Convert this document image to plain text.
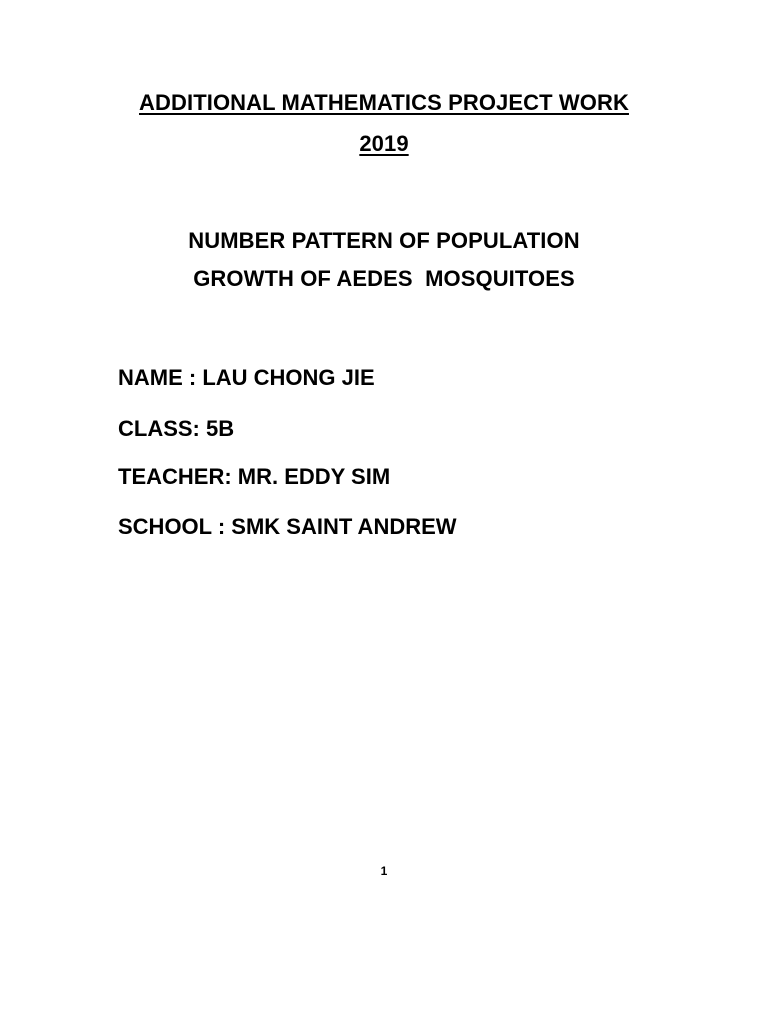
ADDITIONAL MATHEMATICS PROJECT WORK
2019
NUMBER PATTERN OF POPULATION
GROWTH OF AEDES  MOSQUITOES
NAME : LAU CHONG JIE
CLASS: 5B
TEACHER: MR. EDDY SIM
SCHOOL : SMK SAINT ANDREW
1
